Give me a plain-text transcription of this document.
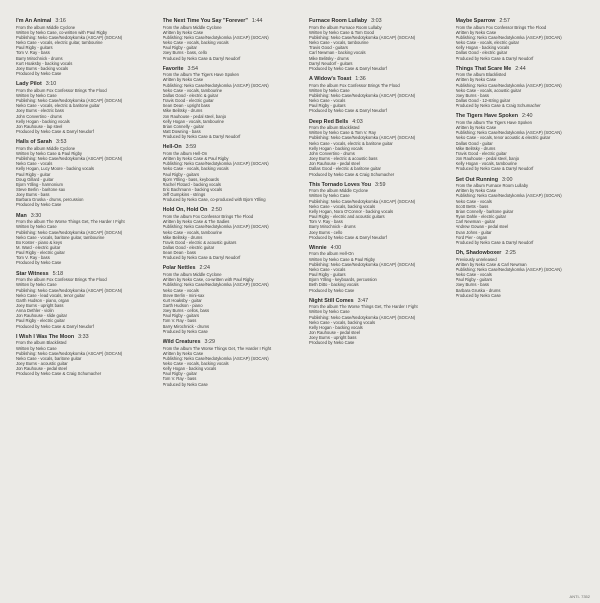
I'm An Animal 3:16
From the album Middle Cyclone
Written by Neko Case, co-written with Paul Rigby
Publishing: Neko Case/Nedotykomka (ASCAP) (SOCAN)
Neko Case - vocals, electric guitar, tambourine
Paul Rigby - guitars
Tom V. Ray - bass
Barry Mirochnick - drums
Kurt Hoaksby - backing vocals
Joey Burns - backing vocals
Produced by Neko Case
Lady Pilot 3:10
From the album Fox Confessor Brings The Flood
Written by Neko Case
Publishing: Neko Case/Nedotykomka (ASCAP) (SOCAN)
Neko Case - vocals, electric & baritone guitar
Joey Burns - electric bass
John Convertino - drums
Kelly Hogan - backing vocals
Jon Rauhouse - lap steel
Produced by Neko Case & Darryl Neudorf
Halls of Sarah 3:53
From the album Middle Cyclone
Written by Neko Case & Paul Rigby
Publishing: Neko Case/Nedotykomka (ASCAP) (SOCAN)
Neko Case - vocals
Kelly Hogan, Lucy Moore - backing vocals
Paul Rigby - guitar
Doug Gillard - guitar
Bjorn Ytlling - harmonium
Steve Berlin - baritone sax
Joey Burns - bass
Barbara Gruska - drums, percussion
Produced by Neko Case
Man 3:30
From the album The Worse Things Get, The Harder I Fight
Written by Neko Case
Publishing: Neko Case/Nedotykomka (ASCAP) (SOCAN)
Neko Case - vocals, baritone guitar, tambourine
Bo Koster - piano & keys
M. Ward - electric guitar
Paul Rigby - electric guitar
Tom V. Ray - bass
Produced by Neko Case
Star Witness 5:18
From the album Fox Confessor Brings The Flood
Written by Neko Case
Publishing: Neko Case/Nedotykomka (ASCAP) (SOCAN)
Neko Case - lead vocals, tenor guitar
Garth Hudson - piano, organ
Joey Burns - upright bass
Anna Dethler - violin
Jon Rauhouse - slide guitar
Paul Rigby - electric guitar
Produced by Neko Case & Darryl Neudorf
I Wish I Was The Moon 3:33
From the album Blacklisted
Written by Neko Case
Publishing: Neko Case/Nedotykomka (ASCAP) (SOCAN)
Neko Case - vocals, baritone guitar
Joey Burns - acoustic guitar
Jon Rauhouse - pedal steel
Produced by Neko Case & Craig Schumacher
The Next Time You Say "Forever" 1:44
From the album Middle Cyclone
Written by Neko Case
Publishing: Neko Case/Nedotykomka (ASCAP) (SOCAN)
Neko Case - vocals, backing vocals
Paul Rigby - guitar
Joey Burns - bass, cello
Produced by Neko Case & Darryl Neudorf
Favorite 3:54
From the album The Tigers Have Spoken
Written by Neko Case
Publishing: Neko Case/Nedotykomka (ASCAP) (SOCAN)
Neko Case - vocals, tambourine
Dallas Good - electric & guitar
Travis Good - electric guitar
Sean Dean - upright bass
Mike Belitsky - drums
Jon Rauhouse - pedal steel, banjo
Kelly Hogan - vocals, tambourine
Brian Connelly - guitar
Matt Downing - bass
Produced by Neko Case & Darryl Neudorf
Hell-On 3:59
From the album Hell-On
Written by Neko Case & Paul Rigby
Publishing: Neko Case/Nedotykomka (ASCAP) (SOCAN)
Neko Case - vocals, backing vocals
Paul Rigby - guitars
Bjorn Ytlling - bass, keyboards
Rachel Flotard - backing vocals
Eric Bachmann - backing vocals
Jeff Gumpkins - strings
Produced by Neko Case, co-produced with Bjorn Ytlling
Hold On, Hold On 2:50
From the album Fox Confessor Brings The Flood
Written by Neko Case & The Sadies
Publishing: Neko Case/Nedotykomka (ASCAP) (SOCAN)
Neko Case - vocals, tambourine
Mike Belitsky - drums
Travis Good - electric & acoustic guitars
Dallas Good - electric guitar
Sean Dean - bass
Produced by Neko Case & Darryl Neudorf
Polar Nettles 2:24
From the album Middle Cyclone
Written by Neko Case, co-written with Paul Rigby
Publishing: Neko Case/Nedotykomka (ASCAP) (SOCAN)
Neko Case - vocals
Steve Berlin - mini-sax
Kurt Hoaksby - guitar
Garth Hudson - piano
Joey Burns - cellos, bass
Paul Rigby - guitars
Tom V. Ray - bass
Barry Mirochnick - drums
Produced by Neko Case
Wild Creatures 3:29
From the album The Worse Things Get, The Harder I Fight
Written by Neko Case
Publishing: Neko Case/Nedotykomka (ASCAP) (SOCAN)
Neko Case - vocals, backing vocals
Kelly Hogan - backing vocals
Paul Rigby - guitar
Tom V. Ray - bass
Produced by Neko Case
Furnace Room Lullaby 3:03
From the album Furnace Room Lullaby
Written by Neko Case & Tom Good
Publishing: Neko Case/Nedotykomka (ASCAP) (SOCAN)
Neko Case - vocals, tambourine
Travis Good - guitars
Carl Newman - backing vocals
Mike Belitsky - drums
Darryl Neudorf - guitars
Produced by Neko Case & Darryl Neudorf
A Widow's Toast 1:36
From the album Fox Confessor Brings The Flood
Written by Neko Case
Publishing: Neko Case/Nedotykomka (ASCAP) (SOCAN)
Neko Case - vocals
Paul Rigby - guitars
Produced by Neko Case & Darryl Neudorf
Deep Red Bells 4:03
From the album Blacklisted
Written by Neko Case & Tom V. Ray
Publishing: Neko Case/Nedotykomka (ASCAP) (SOCAN)
Neko Case - vocals, electric & baritone guitar
Kelly Hogan - backing vocals
John Convertino - drums
Joey Burns - electric & acoustic bass
Jon Rauhouse - pedal steel
Dallas Good - electric & baritone guitar
Produced by Neko Case & Craig Schumacher
This Tornado Loves You 3:59
From the album Middle Cyclone
Written by Neko Case
Publishing: Neko Case/Nedotykomka (ASCAP) (SOCAN)
Neko Case - vocals, backing vocals
Kelly Hogan, Nora O'Connor - backing vocals
Paul Rigby - electric and acoustic guitars
Tom V. Ray - bass
Barry Mirochnick - drums
Joey Burns - cello
Produced by Neko Case & Darryl Neudorf
Winnie 4:00
From the album Hell-On
Written by Neko Case & Paul Rigby
Publishing: Neko Case/Nedotykomka (ASCAP) (SOCAN)
Neko Case - vocals
Paul Rigby - guitars
Bjorn Ytlling - keyboards, percussion
Beth Ditto - backing vocals
Produced by Neko Case
Night Still Comes 3:47
From the album The Worse Things Get, The Harder I Fight
Written by Neko Case
Publishing: Neko Case/Nedotykomka (ASCAP) (SOCAN)
Neko Case - vocals, backing vocals
Kelly Hogan - backing vocals
Jon Rauhouse - pedal steel
Joey Burns - upright bass
Produced by Neko Case
Maybe Sparrow 2:57
From the album Fox Confessor Brings The Flood
Written by Neko Case
Publishing: Neko Case/Nedotykomka (ASCAP) (SOCAN)
Neko Case - vocals, electric guitar
Kelly Hogan - backing vocals
Dallas Good - electric guitar
Produced by Neko Case & Darryl Neudorf
Things That Scare Me 2:44
From the album Blacklisted
Written by Neko Case
Publishing: Neko Case/Nedotykomka (ASCAP) (SOCAN)
Neko Case - vocals, acoustic guitar
Joey Burns - bass
Dallas Good - 12-string guitar
Produced by Neko Case & Craig Schumacher
The Tigers Have Spoken 2:40
From the album The Tigers Have Spoken
Written by Neko Case
Publishing: Neko Case/Nedotykomka (ASCAP) (SOCAN)
Neko Case - vocals, tenor acoustic & electric guitar
Dallas Good - guitar
Mike Belitsky - drums
Travis Good - electric guitar
Jon Rauhouse - pedal steel, banjo
Kelly Hogan - vocals, tambourine
Produced by Neko Case & Darryl Neudorf
Set Out Running 3:00
From the album Furnace Room Lullaby
Written by Neko Case
Publishing: Neko Case/Nedotykomka (ASCAP) (SOCAN)
Neko Case - vocals
Scott Betts - bass
Brian Connelly - baritone guitar
Ryan Dahle - electric guitar
Carl Newman - guitar
Andrew Gowan - pedal steel
Evan Johns - guitar
Ford Pier - organ
Produced by Neko Case & Darryl Neudorf
Oh, Shadowboxer 2:25
Previously unreleased
Written by Neko Case & Carl Newman
Publishing: Neko Case/Nedotykomka (ASCAP) (SOCAN)
Neko Case - vocals
Paul Rigby - guitars
Joey Burns - bass
Barbara Gruska - drums
Produced by Neko Case
ANTI- 7352
